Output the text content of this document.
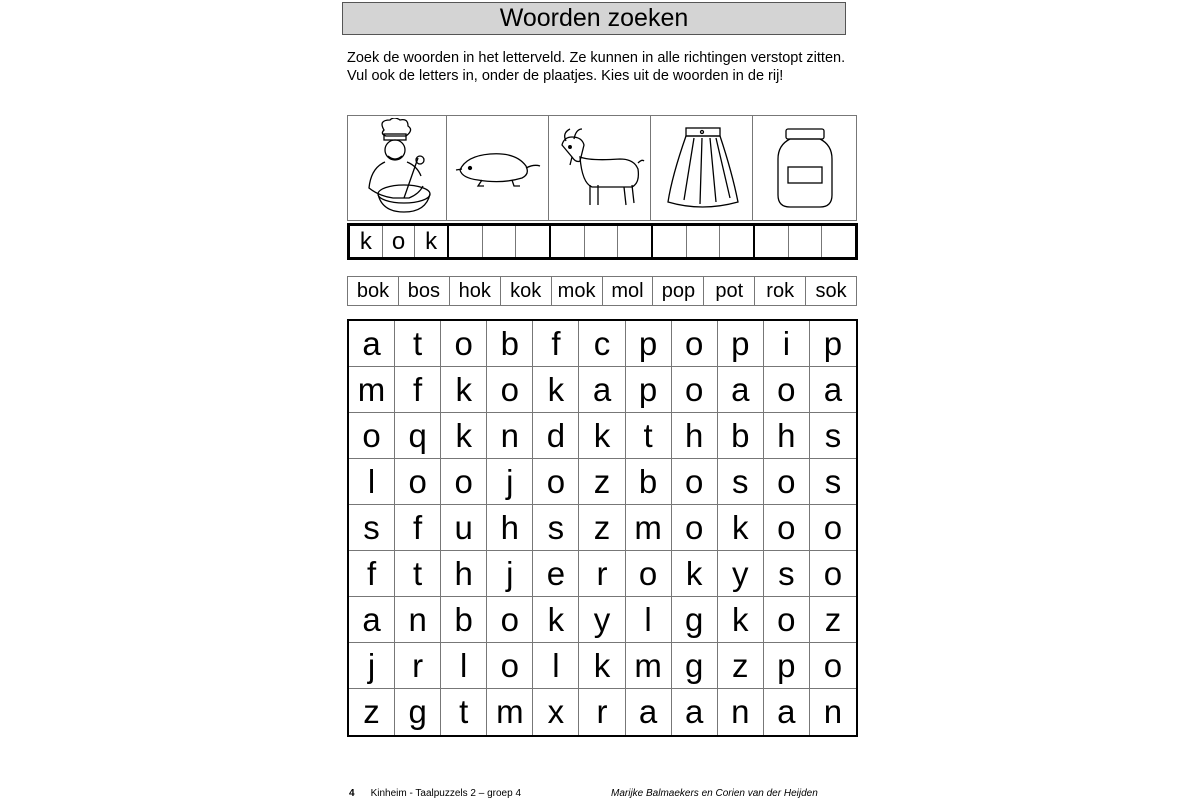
Woorden zoeken
Zoek de woorden in het letterveld. Ze kunnen in alle richtingen verstopt zitten. Vul ook de letters in, onder de plaatjes. Kies uit de woorden in de rij!
k o k
bok bos hok kok mok mol pop	pot	rok	sok
a t o b f	c p o p	i	p
m f	k o k a p o a o a
o q k n d k	t h b h s
l	o o	j	o z b o s o s
s	f u h s z m o k o o
f	t h	j	e r o k y s o
a n b o k y	l	g k o z
j	r	l	o	l	k m g z p o
z g t m x r a a n a n
4 Kinheim - Taalpuzzels 2 – groep 4	Marijke Balmaekers en Corien van der Heijden
